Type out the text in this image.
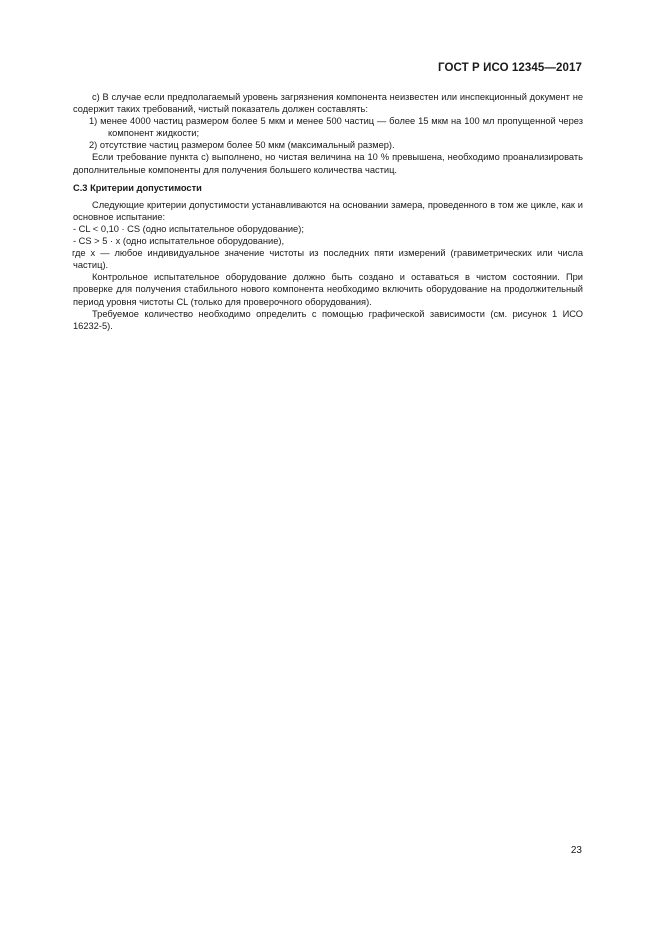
ГОСТ Р ИСО 12345—2017

с) В случае если предполагаемый уровень загрязнения компонента неизвестен или инспекционный документ не содержит таких требований, чистый показатель должен составлять:

1) менее 4000 частиц размером более 5 мкм и менее 500 частиц — более 15 мкм на 100 мл пропущенной через компонент жидкости;

2) отсутствие частиц размером более 50 мкм (максимальный размер).

Если требование пункта с) выполнено, но чистая величина на 10 % превышена, необходимо проанализировать дополнительные компоненты для получения большего количества частиц.

С.3 Критерии допустимости

Следующие критерии допустимости устанавливаются на основании замера, проведенного в том же цикле, как и основное испытание:

- CL < 0,10 · CS (одно испытательное оборудование);

- CS > 5 · x (одно испытательное оборудование),

где x — любое индивидуальное значение чистоты из последних пяти измерений (гравиметрических или числа частиц).

Контрольное испытательное оборудование должно быть создано и оставаться в чистом состоянии. При проверке для получения стабильного нового компонента необходимо включить оборудование на продолжительный период уровня чистоты CL (только для проверочного оборудования).

Требуемое количество необходимо определить с помощью графической зависимости (см. рисунок 1 ИСО 16232-5).

23
